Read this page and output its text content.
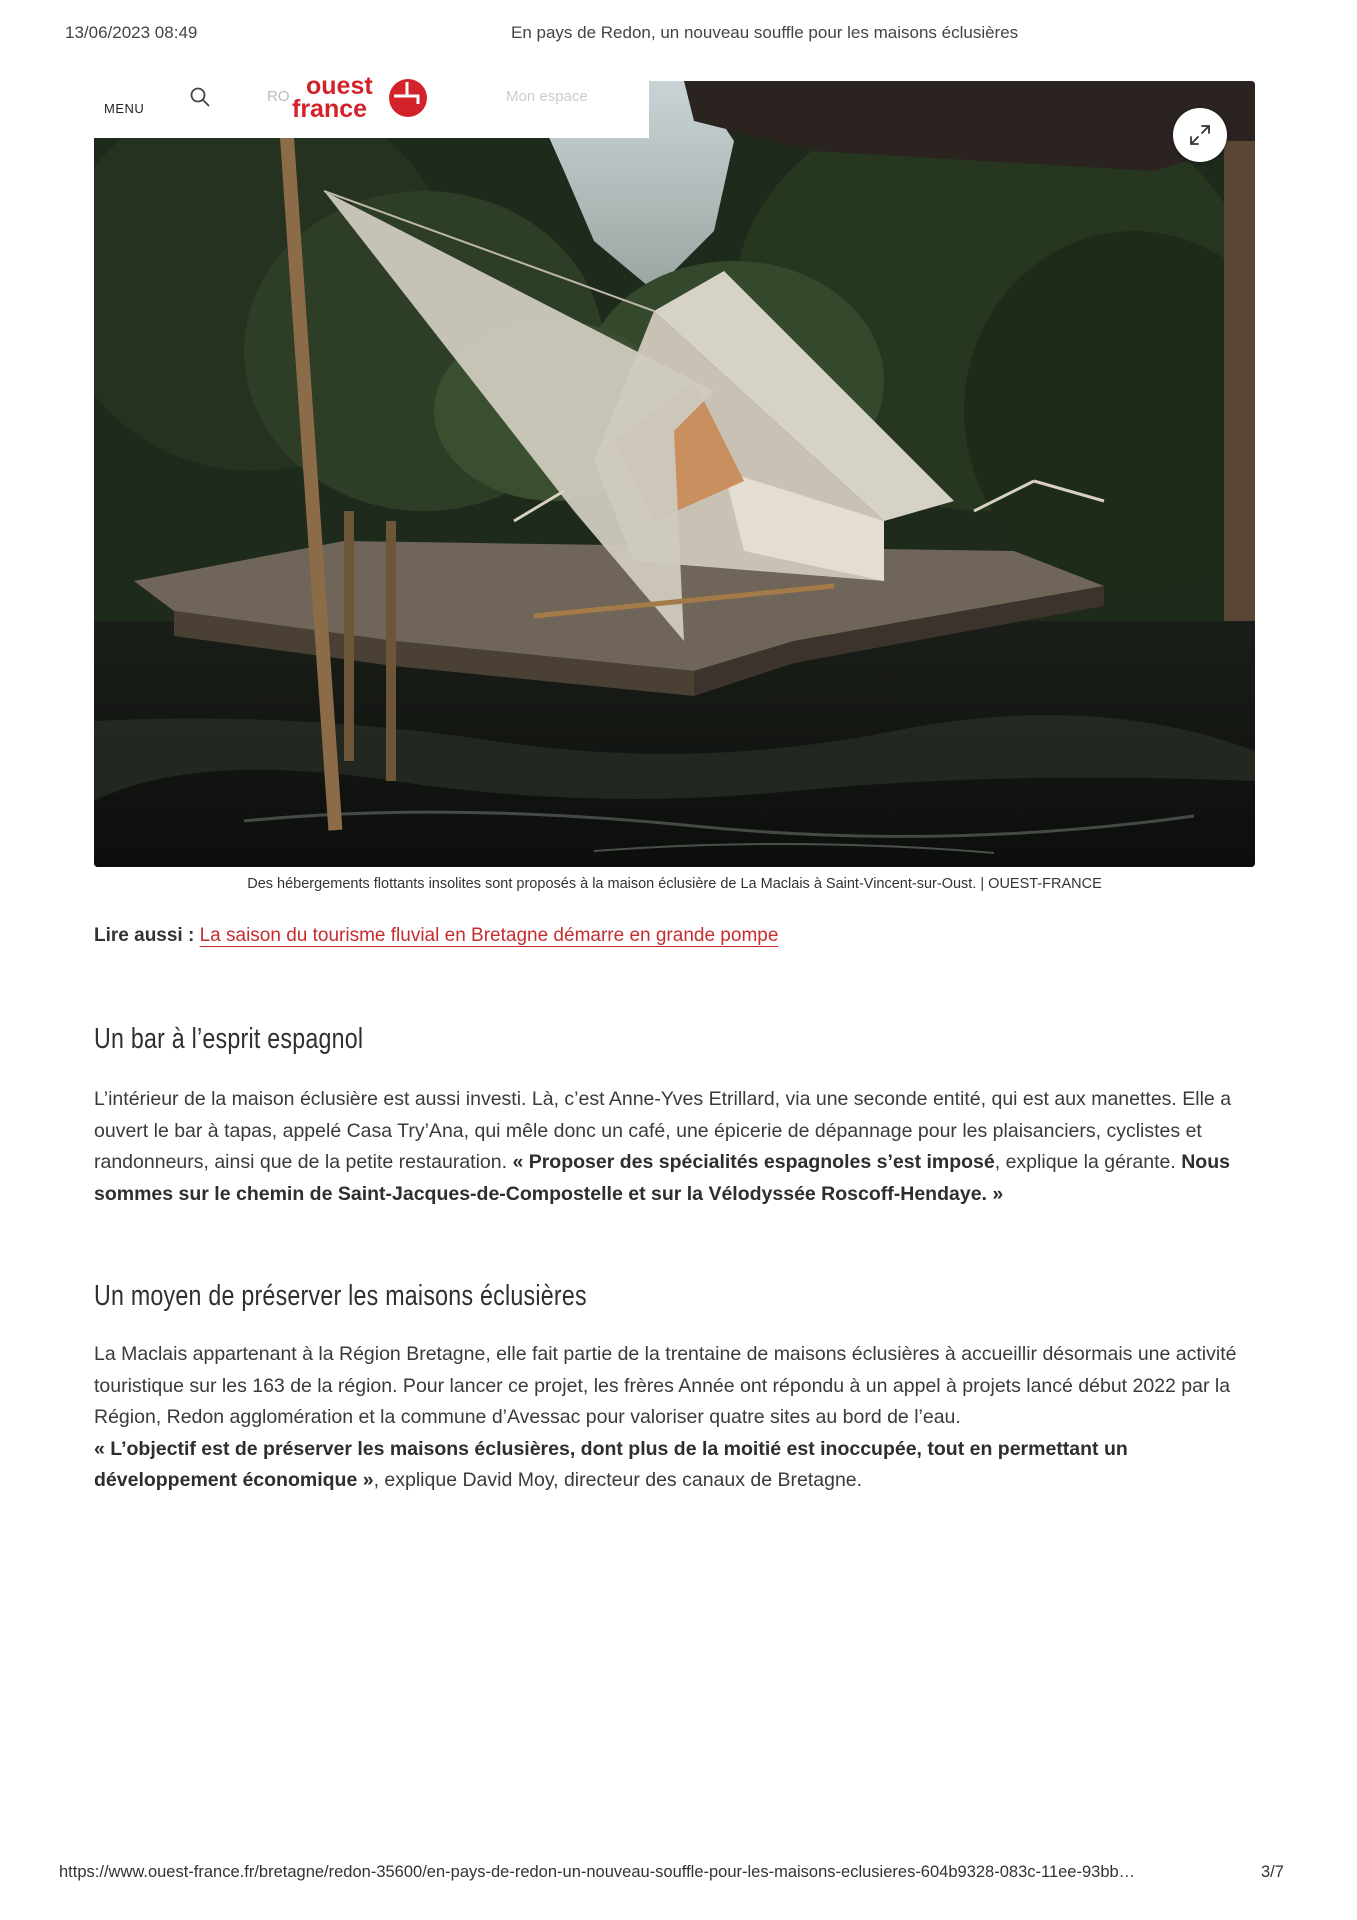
13/06/2023 08:49	En pays de Redon, un nouveau souffle pour les maisons éclusières
MENU
RO ouest
france	Mon espace
Des hébergements flottants insolites sont proposés à la maison éclusière de La Maclais à Saint-Vincent-sur-Oust. | OUEST-FRANCE
Lire aussi : La saison du tourisme fluvial en Bretagne démarre en grande pompe
Un bar à l’esprit espagnol

L’intérieur de la maison éclusière est aussi investi. Là, c’est Anne-Yves Etrillard, via une seconde entité, qui est aux manettes. Elle a ouvert le bar à tapas, appelé Casa Try’Ana, qui mêle donc un café, une épicerie de dépannage pour les plaisanciers, cyclistes et randonneurs, ainsi que de la petite restauration. « Proposer des spécialités espagnoles s’est imposé, explique la gérante. Nous sommes sur le chemin de Saint-Jacques-de-Compostelle et sur la Vélodyssée Roscoff-Hendaye. »

Un moyen de préserver les maisons éclusières

La Maclais appartenant à la Région Bretagne, elle fait partie de la trentaine de maisons éclusières à accueillir désormais une activité touristique sur les 163 de la région. Pour lancer ce projet, les frères Année ont répondu à un appel à projets lancé début 2022 par la Région, Redon agglomération et la commune d’Avessac pour valoriser quatre sites au bord de l’eau.
« L’objectif est de préserver les maisons éclusières, dont plus de la moitié est inoccupée, tout en permettant un développement économique », explique David Moy, directeur des canaux de Bretagne.

https://www.ouest-france.fr/bretagne/redon-35600/en-pays-de-redon-un-nouveau-souffle-pour-les-maisons-eclusieres-604b9328-083c-11ee-93bb…	3/7
